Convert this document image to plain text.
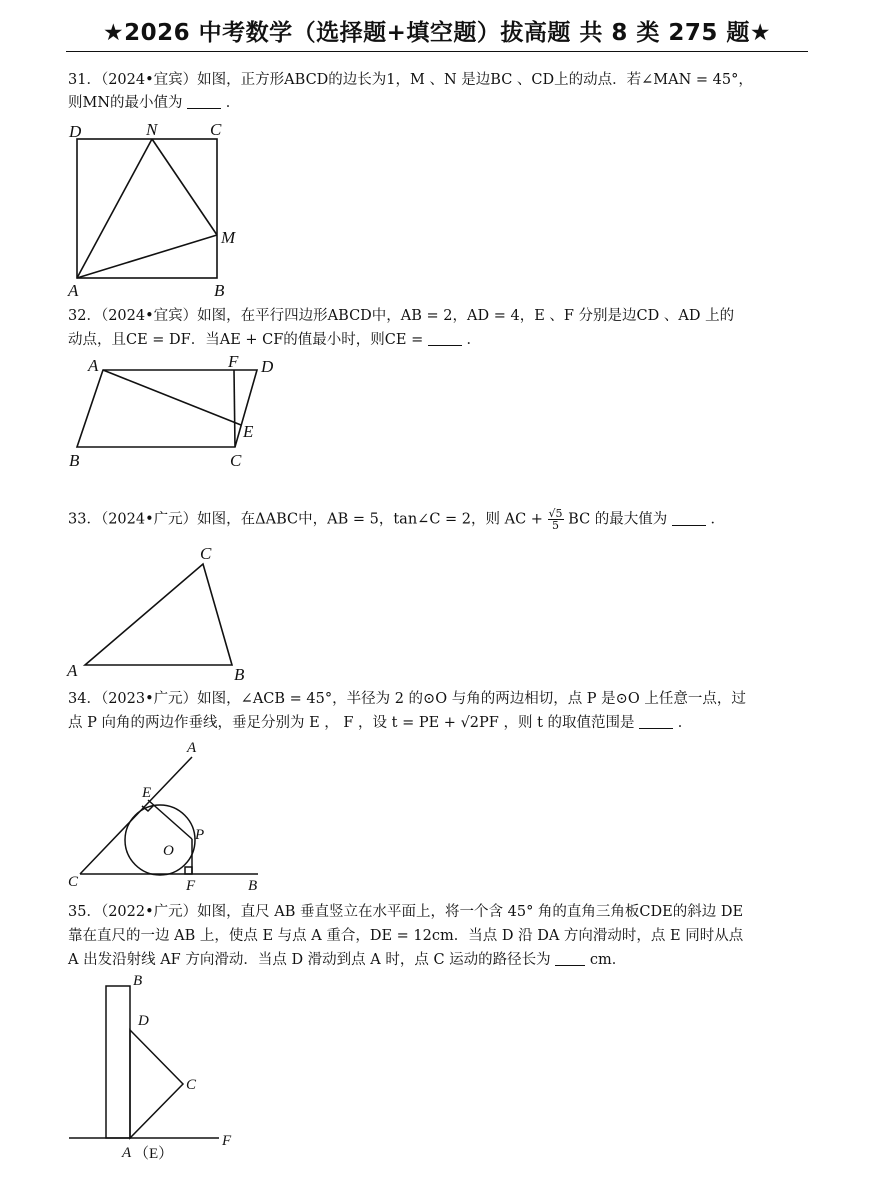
★2026 中考数学（选择题+填空题）拔高题 共 8 类 275 题★
31．（2024•宜宾）如图，正方形ABCD的边长为1，M 、N 是边BC 、CD上的动点．若∠MAN = 45°，
则MN的最小值为	．
D	N	C
M
A	B
32．（2024•宜宾）如图，在平行四边形ABCD中，AB = 2，AD = 4，E 、F 分别是边CD 、AD 上的
动点，且CE = DF．当AE + CF的值最小时，则CE =	．
A	F D
E
B	C
33．（2024•广元）如图，在ΔABC中，AB = 5，tan∠C = 2，则 AC + $\frac{√5}{5}$ BC 的最大值为	．
C
A	B
34．（2023•广元）如图，∠ACB = 45°，半径为 2 的⊙O 与角的两边相切，点 P 是⊙O 上任意一点，过
点 P 向角的两边作垂线，垂足分别为 E ， F ，设 t = PE + √2PF ，则 t 的取值范围是	．
A
E
P
O
C	F	B
35．（2022•广元）如图，直尺 AB 垂直竖立在水平面上，将一个含 45° 角的直角三角板CDE的斜边 DE
靠在直尺的一边 AB 上，使点 E 与点 A 重合，DE = 12cm．当点 D 沿 DA 方向滑动时，点 E 同时从点
A 出发沿射线 AF 方向滑动．当点 D 滑动到点 A 时，点 C 运动的路径长为	cm．
B
D
C
F
A （E）
